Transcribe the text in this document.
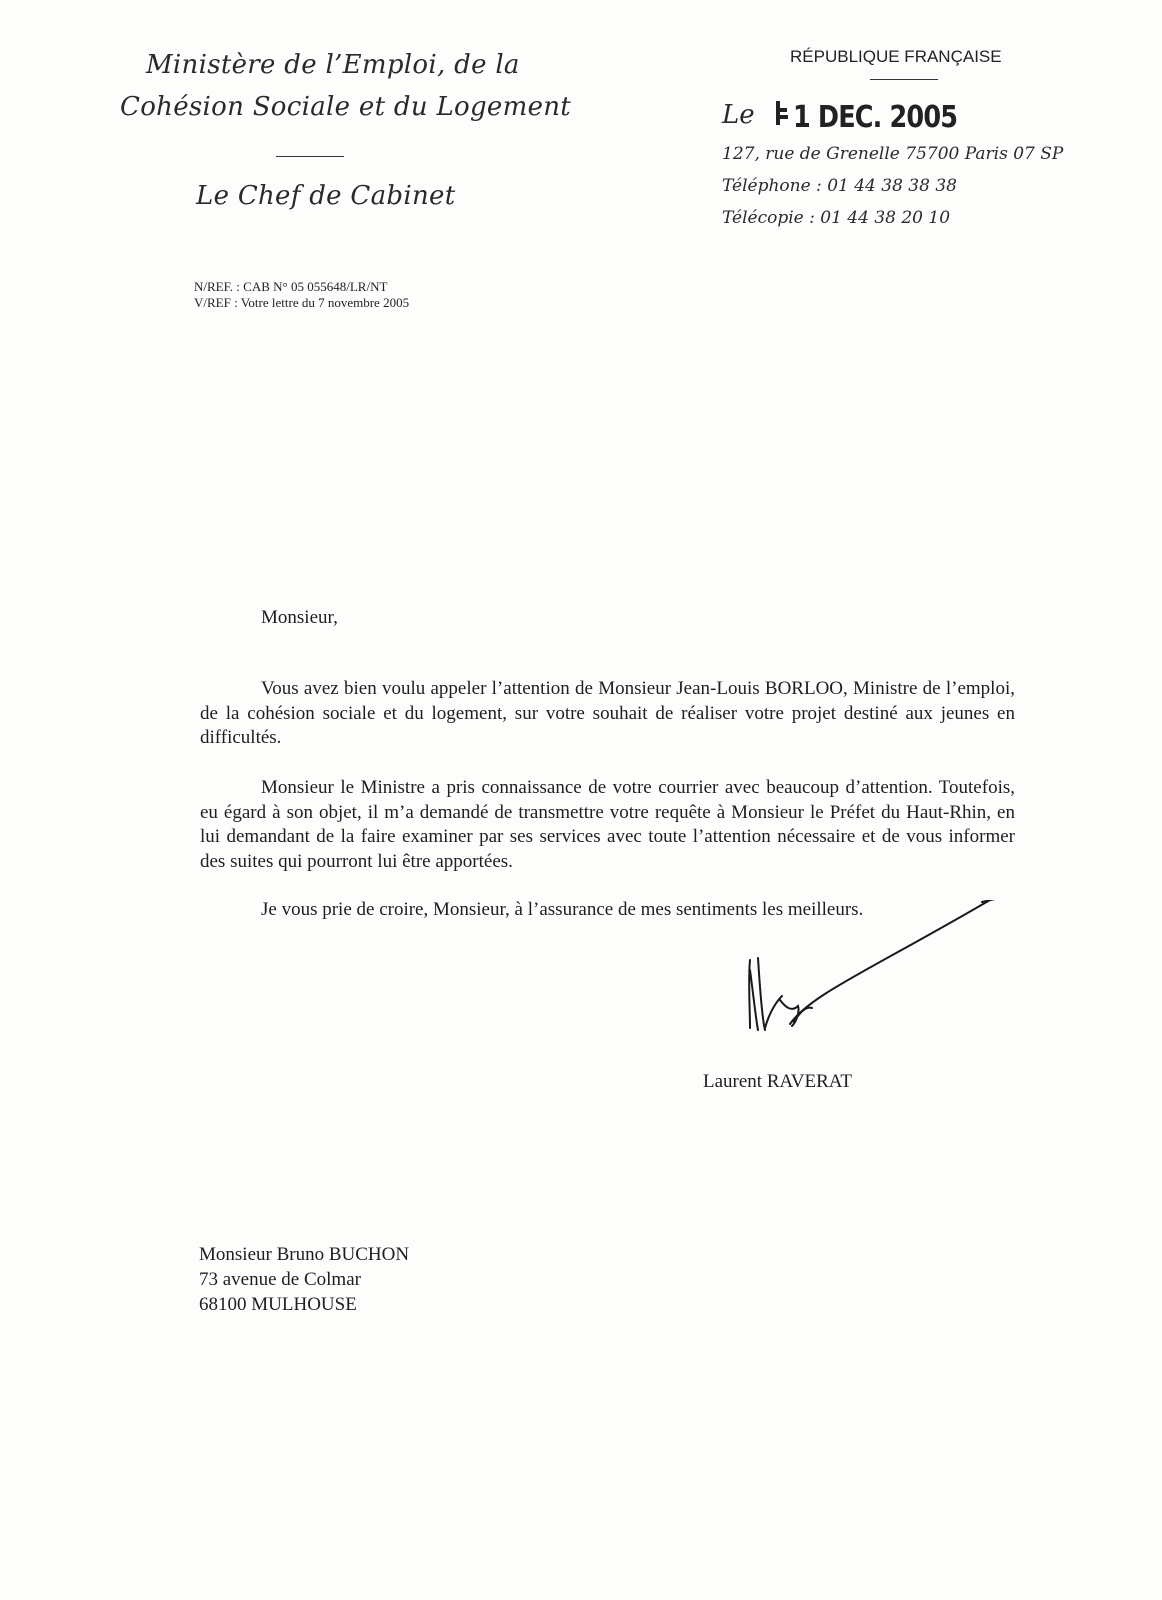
Ministère de l’Emploi, de la
Cohésion Sociale et du Logement
Le Chef de Cabinet
RÉPUBLIQUE FRANÇAISE
Le 1 DEC. 2005
127, rue de Grenelle 75700 Paris 07 SP
Téléphone : 01 44 38 38 38
Télécopie : 01 44 38 20 10
N/REF. : CAB N° 05 055648/LR/NT
V/REF : Votre lettre du 7 novembre 2005
Monsieur,
Vous avez bien voulu appeler l’attention de Monsieur Jean-Louis BORLOO, Ministre de l’emploi, de la cohésion sociale et du logement, sur votre souhait de réaliser votre projet destiné aux jeunes en difficultés.
Monsieur le Ministre a pris connaissance de votre courrier avec beaucoup d’attention. Toutefois, eu égard à son objet, il m’a demandé de transmettre votre requête à Monsieur le Préfet du Haut-Rhin, en lui demandant de la faire examiner par ses services avec toute l’attention nécessaire et de vous informer des suites qui pourront lui être apportées.
Je vous prie de croire, Monsieur, à l’assurance de mes sentiments les meilleurs.
Laurent RAVERAT
Monsieur Bruno BUCHON
73 avenue de Colmar
68100 MULHOUSE
